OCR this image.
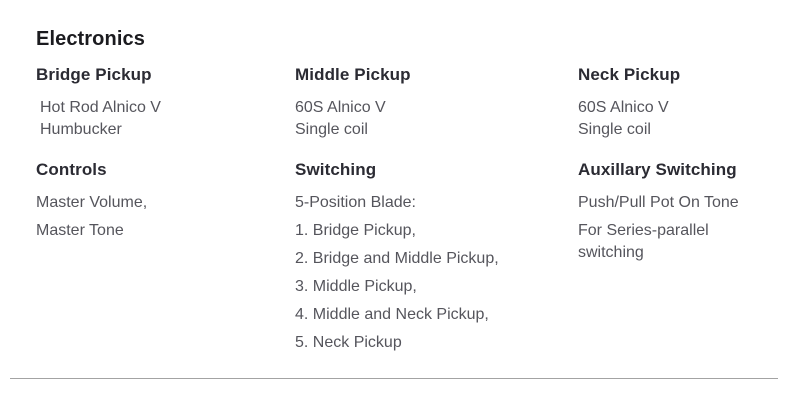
Electronics
Bridge Pickup

Hot Rod Alnico V
Humbucker

Middle Pickup

60S Alnico V
Single coil

Neck Pickup

60S Alnico V
Single coil

Controls

Master Volume,

Master Tone

Switching

5-Position Blade:

1. Bridge Pickup,

2. Bridge and Middle Pickup,

3. Middle Pickup,

4. Middle and Neck Pickup,

5. Neck Pickup

Auxillary Switching

Push/Pull Pot On Tone

For Series-parallel
switching
